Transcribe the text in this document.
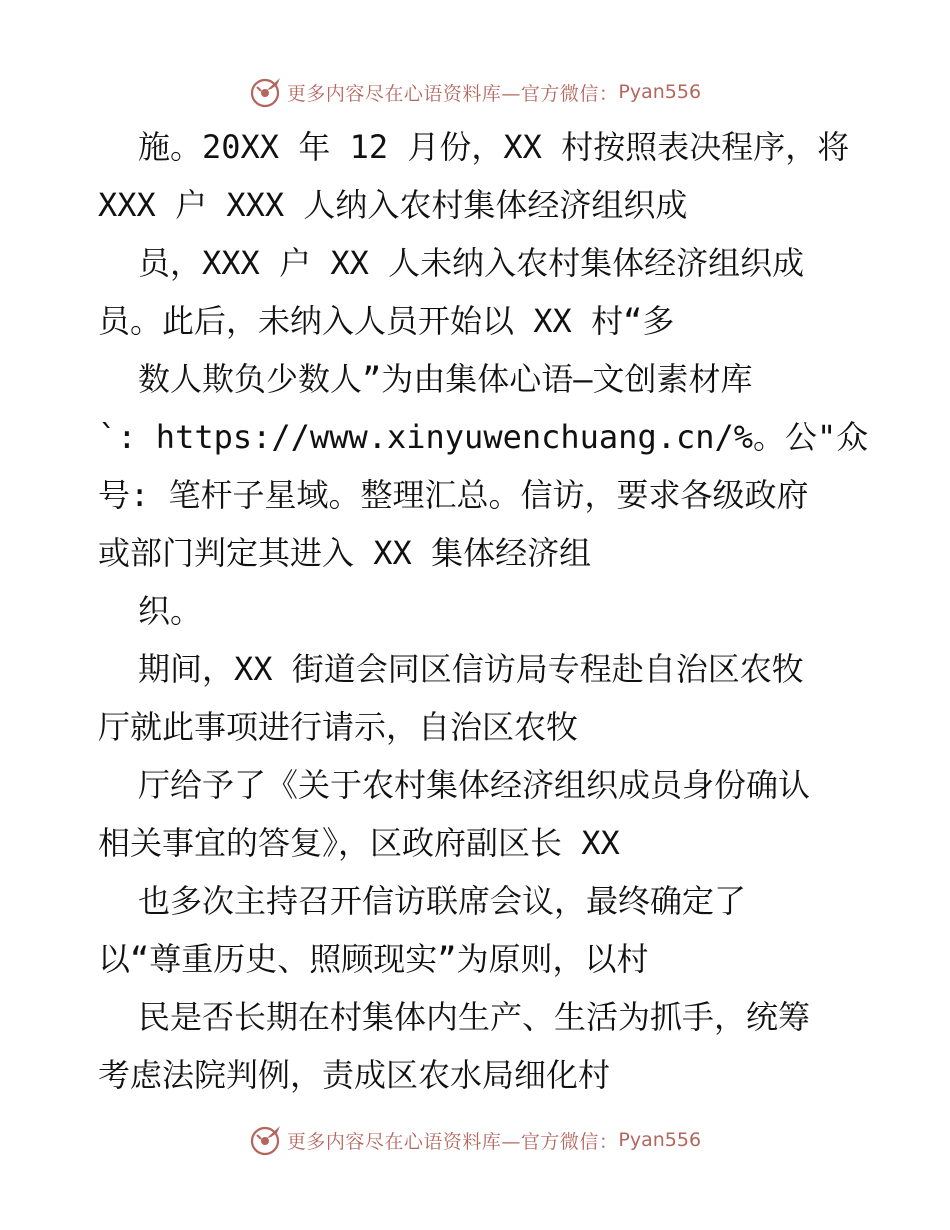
更多内容尽在心语资料库—官方微信： Pyan556
施。20XX 年 12 月份，XX 村按照表决程序，将
XXX 户 XXX 人纳入农村集体经济组织成
员，XXX 户 XX 人未纳入农村集体经济组织成
员。此后，未纳入人员开始以 XX 村“多
数人欺负少数人”为由集体心语—文创素材库
`: https://www.xinyuwenchuang.cn/%。公"众
号: 笔杆子星域。整理汇总。信访，要求各级政府
或部门判定其进入 XX 集体经济组
织。
期间，XX 街道会同区信访局专程赴自治区农牧
厅就此事项进行请示，自治区农牧
厅给予了《关于农村集体经济组织成员身份确认
相关事宜的答复》，区政府副区长 XX
也多次主持召开信访联席会议，最终确定了
以“尊重历史、照顾现实”为原则，以村
民是否长期在村集体内生产、生活为抓手，统筹
考虑法院判例，责成区农水局细化村
更多内容尽在心语资料库—官方微信： Pyan556
